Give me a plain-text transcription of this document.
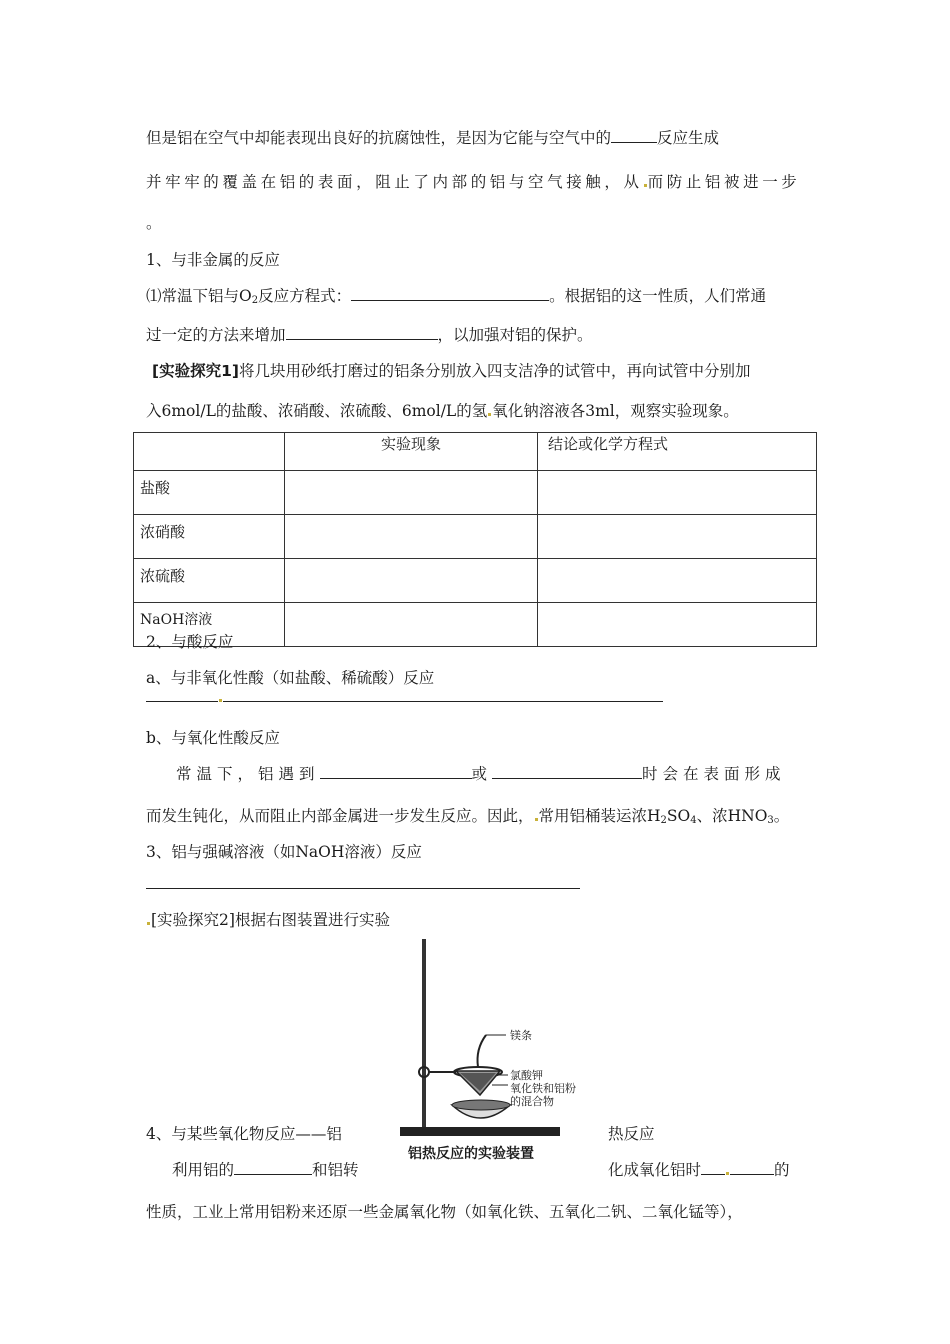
但是铝在空气中却能表现出良好的抗腐蚀性，是因为它能与空气中的	反应生成
并牢牢的覆盖在铝的表面，阻止了内部的铝与空气接触，从 而防止铝被进一步
。
1、与非金属的反应
⑴常温下铝与$O_2$反应方程式：	。根据铝的这一性质，人们常通
过一定的方法来增加	，以加强对铝的保护。
[实验探究1]将几块用砂纸打磨过的铝条分别放入四支洁净的试管中，再向试管中分别加
入6mol/L的盐酸、浓硝酸、浓硫酸、6mol/L的氢 氧化钠溶液各3ml，观察实验现象。
	实验现象	结论或化学方程式
盐酸		
浓硝酸		
浓硫酸		
NaOH溶液		
2、与酸反应
a、与非氧化性酸（如盐酸、稀硫酸）反应
b、与氧化性酸反应
常温下，铝遇到	或	时会在表面形成
而发生钝化，从而阻止内部金属进一步发生反应。因此， 常用铝桶装运浓$H_2SO_4$、浓$HNO_3$。
3、铝与强碱溶液（如NaOH溶液）反应
[实验探究2]根据右图装置进行实验
镁条
氯酸钾
氧化铁和铝粉
的混合物
铝热反应的实验装置
4、与某些氧化物反应——铝	热反应
利用铝的	和铝转	化成氧化铝时	的
性质，工业上常用铝粉来还原一些金属氧化物（如氧化铁、五氧化二钒、二氧化锰等），
